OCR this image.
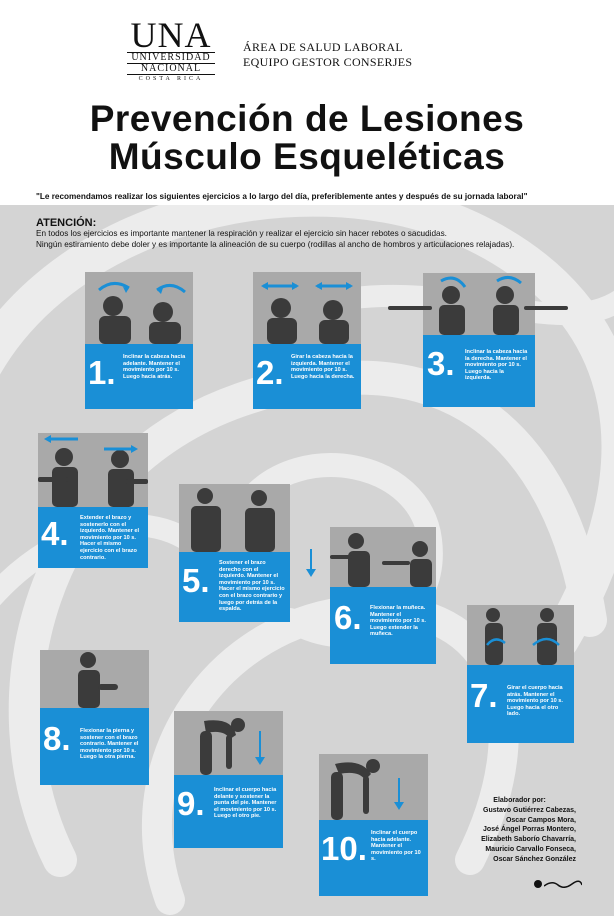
UNA
UNIVERSIDAD
NACIONAL
COSTA RICA
ÁREA DE SALUD LABORAL
EQUIPO GESTOR CONSERJES
Prevención de Lesiones
Músculo Esqueléticas
"Le recomendamos realizar los siguientes ejercicios a lo largo del día, preferiblemente antes y después de su jornada laboral"
ATENCIÓN:
En todos los ejercicios es importante mantener la respiración y realizar el ejercicio sin hacer rebotes o sacudidas.
Ningún estiramiento debe doler y es importante la alineación de su cuerpo (rodillas al ancho de hombros y articulaciones relajadas).
1. Inclinar la cabeza hacia adelante. Mantener el movimiento por 10 s. Luego hacia atrás.	2. Girar la cabeza hacia la izquierda. Mantener el movimiento por 10 s. Luego hacia la derecha. 3. Inclinar la cabeza hacia la derecha. Mantener el movimiento por 10 s. Luego hacia la izquierda.
4. Extender el brazo y sostenerlo con el izquierdo. Mantener el movimiento por 10 s. Hacer el mismo ejercicio con el brazo contrario.
5. Sostener el brazo derecho con el izquierdo. Mantener el movimiento por 10 s. Hacer el mismo ejercicio con el brazo contrario y luego por detrás de la espalda.	6. Flexionar la muñeca. Mantener el movimiento por 10 s. Luego extender la muñeca.
7. Girar el cuerpo hacia atrás. Mantener el movimiento por 10 s. Luego hacia el otro lado.
8. Flexionar la pierna y sostener con el brazo contrario. Mantener el movimiento por 10 s. Luego la otra pierna.
9. Inclinar el cuerpo hacia delante y sostener la punta del pie. Mantener el movimiento por 10 s. Luego el otro pie.
10. Inclinar el cuerpo hacia adelante. Mantener el movimiento por 10 s.
Elaborador por:
Gustavo Gutiérrez Cabezas,
Oscar Campos Mora,
José Ángel Porras Montero,
Elizabeth Saborío Chavarría,
Mauricio Carvallo Fonseca,
Oscar Sánchez González
